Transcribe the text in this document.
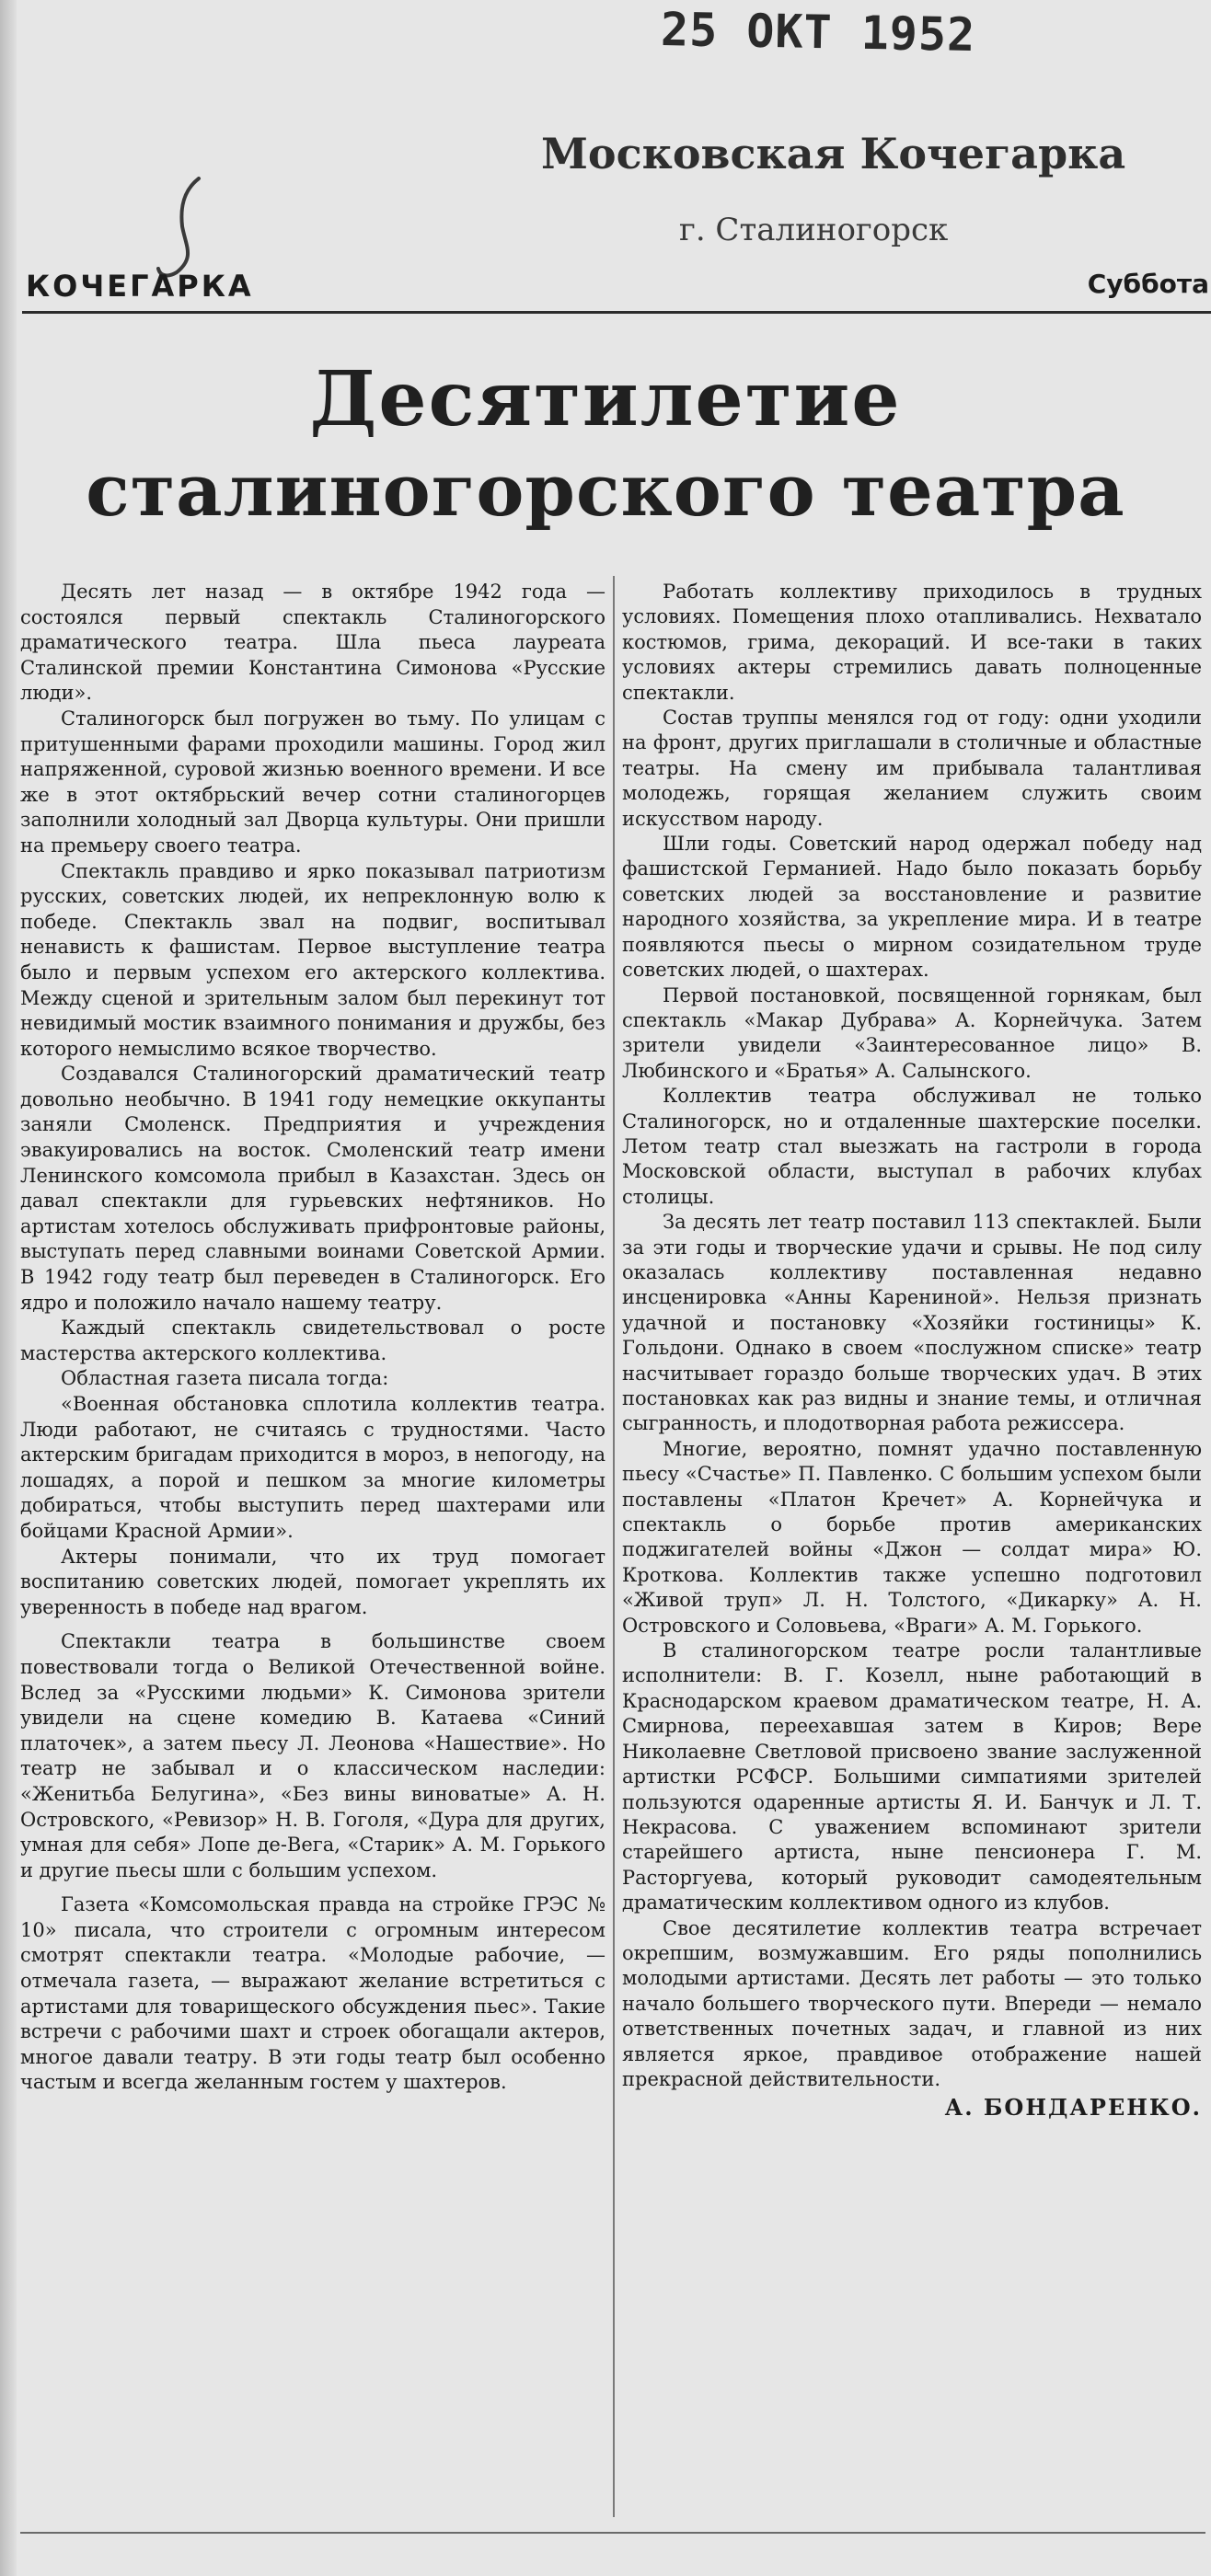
25 ОКТ 1952
Московская Кочегарка
г. Сталиногорск
КОЧЕГАРКА	Суббота
Десятилетие
сталиногорского театра

Десять лет назад — в октябре 1942 года — состоялся первый спектакль Сталиногорского драматического театра. Шла пьеса лауреата Сталинской премии Константина Симонова «Русские люди».

Сталиногорск был погружен во тьму. По улицам с притушенными фарами проходили машины. Город жил напряженной, суровой жизнью военного времени. И все же в этот октябрьский вечер сотни сталиногорцев заполнили холодный зал Дворца культуры. Они пришли на премьеру своего театра.

Спектакль правдиво и ярко показывал патриотизм русских, советских людей, их непреклонную волю к победе. Спектакль звал на подвиг, воспитывал ненависть к фашистам. Первое выступление театра было и первым успехом его актерского коллектива. Между сценой и зрительным залом был перекинут тот невидимый мостик взаимного понимания и дружбы, без которого немыслимо всякое творчество.

Создавался Сталиногорский драматический театр довольно необычно. В 1941 году немецкие оккупанты заняли Смоленск. Предприятия и учреждения эвакуировались на восток. Смоленский театр имени Ленинского комсомола прибыл в Казахстан. Здесь он давал спектакли для гурьевских нефтяников. Но артистам хотелось обслуживать прифронтовые районы, выступать перед славными воинами Советской Армии. В 1942 году театр был переведен в Сталиногорск. Его ядро и положило начало нашему театру.

Каждый спектакль свидетельствовал о росте мастерства актерского коллектива.

Областная газета писала тогда:

«Военная обстановка сплотила коллектив театра. Люди работают, не считаясь с трудностями. Часто актерским бригадам приходится в мороз, в непогоду, на лошадях, а порой и пешком за многие километры добираться, чтобы выступить перед шахтерами или бойцами Красной Армии».

Актеры понимали, что их труд помогает воспитанию советских людей, помогает укреплять их уверенность в победе над врагом.

Спектакли театра в большинстве своем повествовали тогда о Великой Отечественной войне. Вслед за «Русскими людьми» К. Симонова зрители увидели на сцене комедию В. Катаева «Синий платочек», а затем пьесу Л. Леонова «Нашествие». Но театр не забывал и о классическом наследии: «Женитьба Белугина», «Без вины виноватые» А. Н. Островского, «Ревизор» Н. В. Гоголя, «Дура для других, умная для себя» Лопе де-Вега, «Старик» А. М. Горького и другие пьесы шли с большим успехом.

Газета «Комсомольская правда на стройке ГРЭС № 10» писала, что строители с огромным интересом смотрят спектакли театра. «Молодые рабочие, — отмечала газета, — выражают желание встретиться с артистами для товарищеского обсуждения пьес». Такие встречи с рабочими шахт и строек обогащали актеров, многое давали театру. В эти годы театр был особенно частым и всегда желанным гостем у шахтеров.

Работать коллективу приходилось в трудных условиях. Помещения плохо отапливались. Нехватало костюмов, грима, декораций. И все-таки в таких условиях актеры стремились давать полноценные спектакли.

Состав труппы менялся год от году: одни уходили на фронт, других приглашали в столичные и областные театры. На смену им прибывала талантливая молодежь, горящая желанием служить своим искусством народу.

Шли годы. Советский народ одержал победу над фашистской Германией. Надо было показать борьбу советских людей за восстановление и развитие народного хозяйства, за укрепление мира. И в театре появляются пьесы о мирном созидательном труде советских людей, о шахтерах.

Первой постановкой, посвященной горнякам, был спектакль «Макар Дубрава» А. Корнейчука. Затем зрители увидели «Заинтересованное лицо» В. Любинского и «Братья» А. Салынского.

Коллектив театра обслуживал не только Сталиногорск, но и отдаленные шахтерские поселки. Летом театр стал выезжать на гастроли в города Московской области, выступал в рабочих клубах столицы.

За десять лет театр поставил 113 спектаклей. Были за эти годы и творческие удачи и срывы. Не под силу оказалась коллективу поставленная недавно инсценировка «Анны Карениной». Нельзя признать удачной и постановку «Хозяйки гостиницы» К. Гольдони. Однако в своем «послужном списке» театр насчитывает гораздо больше творческих удач. В этих постановках как раз видны и знание темы, и отличная сыгранность, и плодотворная работа режиссера.

Многие, вероятно, помнят удачно поставленную пьесу «Счастье» П. Павленко. С большим успехом были поставлены «Платон Кречет» А. Корнейчука и спектакль о борьбе против американских поджигателей войны «Джон — солдат мира» Ю. Кроткова. Коллектив также успешно подготовил «Живой труп» Л. Н. Толстого, «Дикарку» А. Н. Островского и Соловьева, «Враги» А. М. Горького.

В сталиногорском театре росли талантливые исполнители: В. Г. Козелл, ныне работающий в Краснодарском краевом драматическом театре, Н. А. Смирнова, переехавшая затем в Киров; Вере Николаевне Светловой присвоено звание заслуженной артистки РСФСР. Большими симпатиями зрителей пользуются одаренные артисты Я. И. Банчук и Л. Т. Некрасова. С уважением вспоминают зрители старейшего артиста, ныне пенсионера Г. М. Расторгуева, который руководит самодеятельным драматическим коллективом одного из клубов.

Свое десятилетие коллектив театра встречает окрепшим, возмужавшим. Его ряды пополнились молодыми артистами. Десять лет работы — это только начало большего творческого пути. Впереди — немало ответственных почетных задач, и главной из них является яркое, правдивое отображение нашей прекрасной действительности.

А. БОНДАРЕНКО.
